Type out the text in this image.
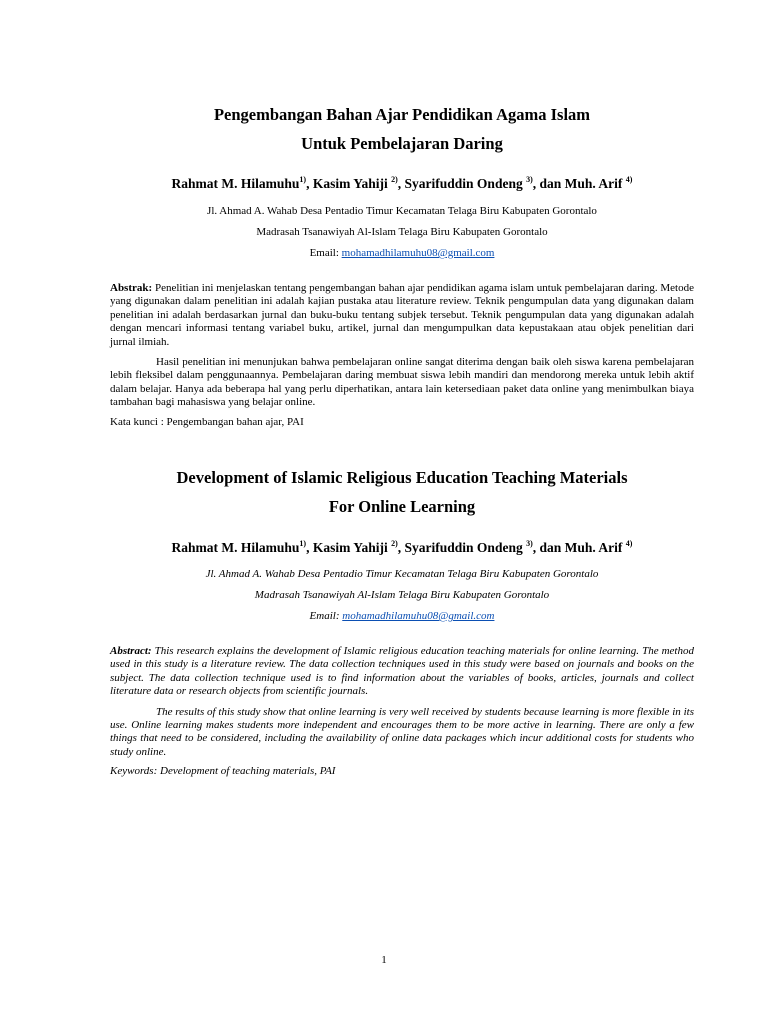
Pengembangan Bahan Ajar Pendidikan Agama Islam
Untuk Pembelajaran Daring
Rahmat M. Hilamuhu$^{1)}$, Kasim Yahiji $^{2)}$, Syarifuddin Ondeng $^{3)}$, dan Muh. Arif $^{4)}$
Jl. Ahmad A. Wahab Desa Pentadio Timur Kecamatan Telaga Biru Kabupaten Gorontalo
Madrasah Tsanawiyah Al-Islam Telaga Biru Kabupaten Gorontalo
Email: mohamadhilamuhu08@gmail.com

Abstrak: Penelitian ini menjelaskan tentang pengembangan bahan ajar pendidikan agama islam untuk pembelajaran daring. Metode yang digunakan dalam penelitian ini adalah kajian pustaka atau literature review. Teknik pengumpulan data yang digunakan dalam penelitian ini adalah berdasarkan jurnal dan buku-buku tentang subjek tersebut. Teknik pengumpulan data yang digunakan adalah dengan mencari informasi tentang variabel buku, artikel, jurnal dan mengumpulkan data kepustakaan atau objek penelitian dari jurnal ilmiah.

Hasil penelitian ini menunjukan bahwa pembelajaran online sangat diterima dengan baik oleh siswa karena pembelajaran lebih fleksibel dalam penggunaannya. Pembelajaran daring membuat siswa lebih mandiri dan mendorong mereka untuk lebih aktif dalam belajar. Hanya ada beberapa hal yang perlu diperhatikan, antara lain ketersediaan paket data online yang menimbulkan biaya tambahan bagi mahasiswa yang belajar online.

Kata kunci : Pengembangan bahan ajar, PAI

Development of Islamic Religious Education Teaching Materials
For Online Learning
Rahmat M. Hilamuhu$^{1)}$, Kasim Yahiji $^{2)}$, Syarifuddin Ondeng $^{3)}$, dan Muh. Arif $^{4)}$
Jl. Ahmad A. Wahab Desa Pentadio Timur Kecamatan Telaga Biru Kabupaten Gorontalo
Madrasah Tsanawiyah Al-Islam Telaga Biru Kabupaten Gorontalo
Email: mohamadhilamuhu08@gmail.com

Abstract: This research explains the development of Islamic religious education teaching materials for online learning. The method used in this study is a literature review. The data collection techniques used in this study were based on journals and books on the subject. The data collection technique used is to find information about the variables of books, articles, journals and collect literature data or research objects from scientific journals.

The results of this study show that online learning is very well received by students because learning is more flexible in its use. Online learning makes students more independent and encourages them to be more active in learning. There are only a few things that need to be considered, including the availability of online data packages which incur additional costs for students who study online.

Keywords: Development of teaching materials, PAI

1
